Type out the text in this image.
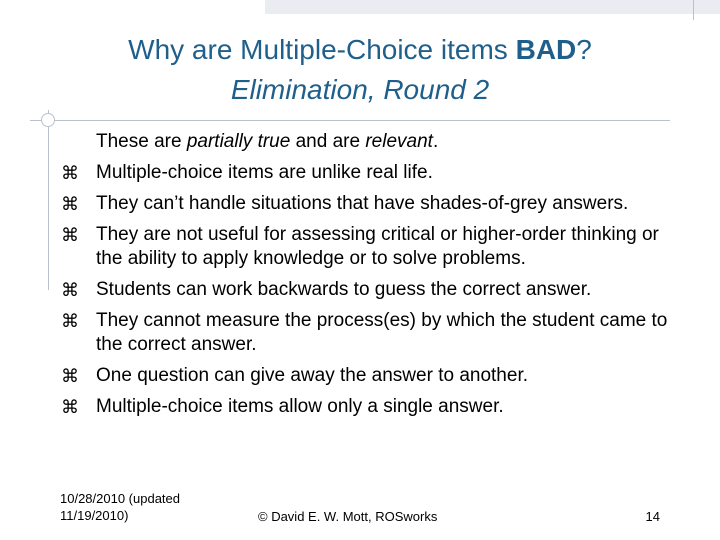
Why are Multiple-Choice items BAD?
Elimination, Round 2
These are partially true and are relevant.
⌘ Multiple-choice items are unlike real life.
⌘ They can’t handle situations that have shades-of-grey answers.
⌘ They are not useful for assessing critical or higher-order thinking or the ability to apply knowledge or to solve problems.
⌘ Students can work backwards to guess the correct answer.
⌘ They cannot measure the process(es) by which the student came to the correct answer.
⌘ One question can give away the answer to another.
⌘ Multiple-choice items allow only a single answer.
10/28/2010 (updated
11/19/2010)	© David E. W. Mott, ROSworks	14
